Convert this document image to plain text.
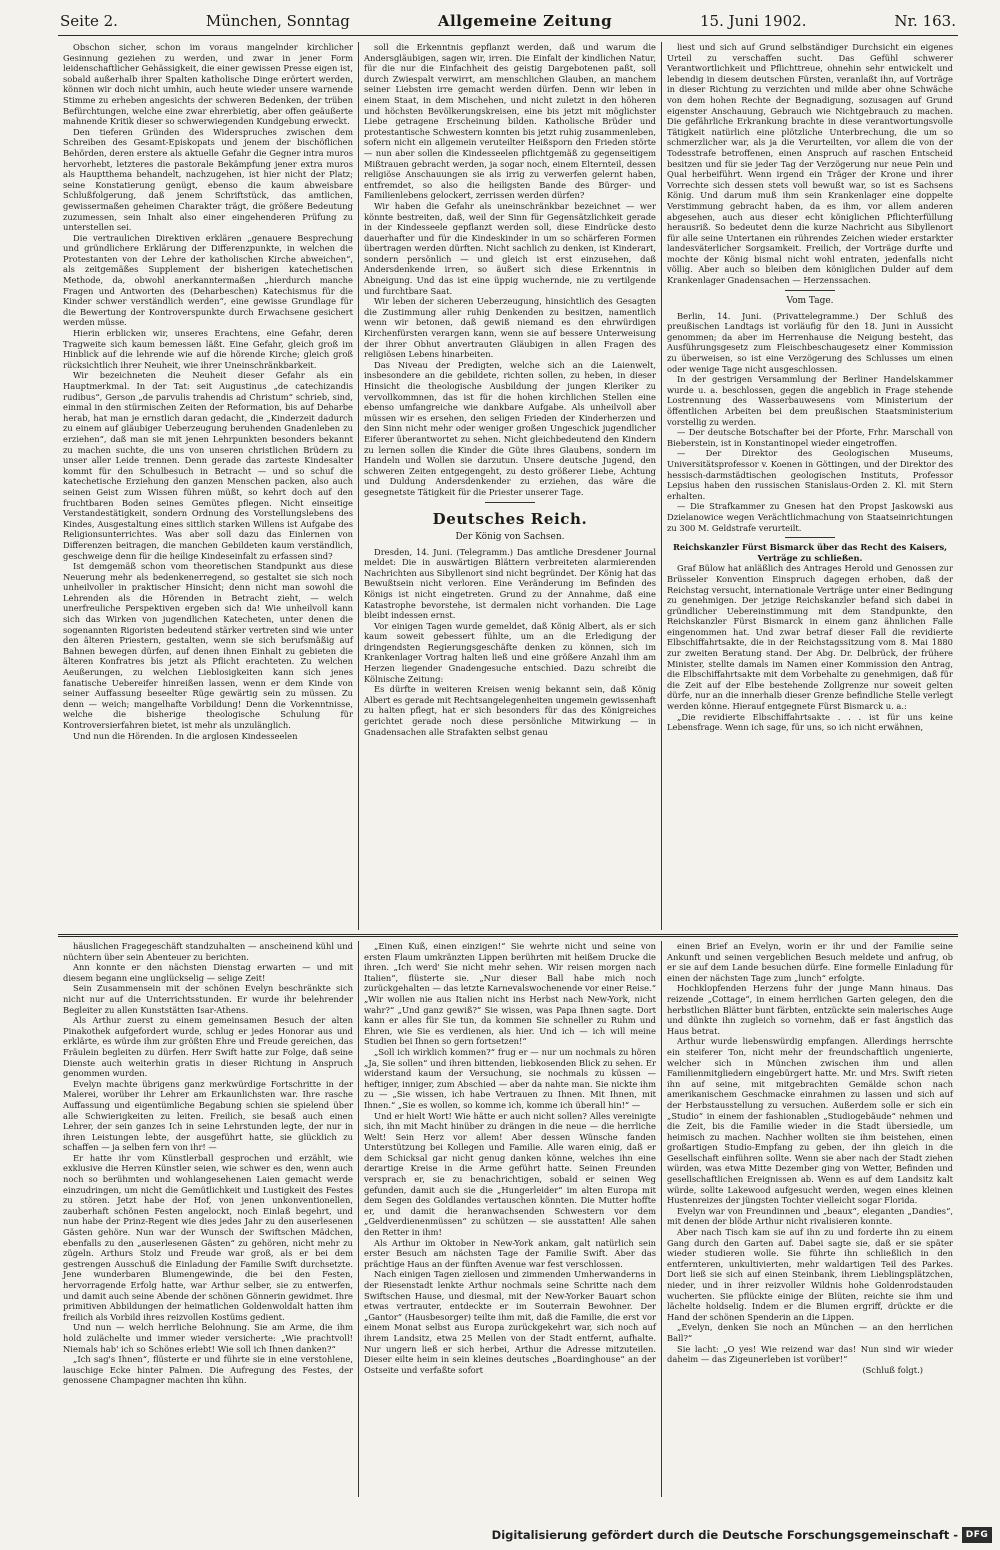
Seite 2.	München, Sonntag	Allgemeine Zeitung	15. Juni 1902.	Nr. 163.

Obschon sicher, schon im voraus mangelnder kirchlicher Gesinnung geziehen zu werden, und zwar in jener Form leidenschaftlicher Gehässigkeit, die einer gewissen Presse eigen ist, sobald außerhalb ihrer Spalten katholische Dinge erörtert werden, können wir doch nicht umhin, auch heute wieder unsere warnende Stimme zu erheben angesichts der schweren Bedenken, der trüben Befürchtungen, welche eine zwar ehrerbietig, aber offen geäußerte mahnende Kritik dieser so schwerwiegenden Kundgebung erweckt.

Den tieferen Gründen des Widerspruches zwischen dem Schreiben des Gesamt-Episkopats und jenem der bischöflichen Behörden, deren erstere als aktuelle Gefahr die Gegner intra muros hervorhebt, letzteres die pastorale Bekämpfung jener extra muros als Hauptthema behandelt, nachzugehen, ist hier nicht der Platz; seine Konstatierung genügt, ebenso die kaum abweisbare Schlußfolgerung, daß jenem Schriftstück, das amtlichen, gewissermaßen geheimen Charakter trägt, die größere Bedeutung zuzumessen, sein Inhalt also einer eingehenderen Prüfung zu unterstellen sei.

Die vertraulichen Direktiven erklären „genauere Besprechung und gründlichere Erklärung der Differenzpunkte, in welchen die Protestanten von der Lehre der katholischen Kirche abweichen“, als zeitgemäßes Supplement der bisherigen katechetischen Methode, da, obwohl anerkanntermaßen „hierdurch manche Fragen und Antworten des (Deharbeschen) Katechismus für die Kinder schwer verständlich werden“, eine gewisse Grundlage für die Bewertung der Kontroverspunkte durch Erwachsene gesichert werden müsse.

Hierin erblicken wir, unseres Erachtens, eine Gefahr, deren Tragweite sich kaum bemessen läßt. Eine Gefahr, gleich groß im Hinblick auf die lehrende wie auf die hörende Kirche; gleich groß rücksichtlich ihrer Neuheit, wie ihrer Uneinschränkbarkeit.

Wir bezeichneten die Neuheit dieser Gefahr als ein Hauptmerkmal. In der Tat: seit Augustinus „de catechizandis rudibus“, Gerson „de parvulis trahendis ad Christum“ schrieb, sind, einmal in den stürmischen Zeiten der Reformation, bis auf Deharbe herab, hat man je ernstlich daran gedacht, die „Kinderzeit dadurch zu einem auf gläubiger Ueberzeugung beruhenden Gnadenleben zu erziehen“, daß man sie mit jenen Lehrpunkten besonders bekannt zu machen suchte, die uns von unseren christlichen Brüdern zu unser aller Leide trennen. Denn gerade das zarteste Kindesalter kommt für den Schulbesuch in Betracht — und so schuf die katechetische Erziehung den ganzen Menschen packen, also auch seinen Geist zum Wissen führen müßt, so kehrt doch auf den fruchtbaren Boden seines Gemütes pflegen. Nicht einseitige Verstandestätigkeit, sondern Ordnung des Vorstellungslebens des Kindes, Ausgestaltung eines sittlich starken Willens ist Aufgabe des Religionsunterrichtes. Was aber soll dazu das Einlernen von Differenzen beitragen, die manchen Gebildeten kaum verständlich, geschweige denn für die heilige Kindeseinfalt zu erfassen sind?

Ist demgemäß schon vom theoretischen Standpunkt aus diese Neuerung mehr als bedenkenerregend, so gestaltet sie sich noch unheilvoller in praktischer Hinsicht; denn nicht man sowohl die Lehrenden als die Hörenden in Betracht zieht, — welch unerfreuliche Perspektiven ergeben sich da! Wie unheilvoll kann sich das Wirken von jugendlichen Katecheten, unter denen die sogenannten Rigoristen bedeutend stärker vertreten sind wie unter den älteren Priestern, gestalten, wenn sie sich berufsmäßig auf Bahnen bewegen dürfen, auf denen ihnen Einhalt zu gebieten die älteren Konfratres bis jetzt als Pflicht erachteten. Zu welchen Aeußerungen, zu welchen Lieblosigkeiten kann sich jenes fanatische Uebereifer hinreißen lassen, wenn er dem Kinde von seiner Auffassung beseelter Rüge gewärtig sein zu müssen. Zu denn — weich; mangelhafte Vorbildung! Denn die Vorkenntnisse, welche die bisherige theologische Schulung für Kontroversierfahren bietet, ist mehr als unzulänglich.

Und nun die Hörenden. In die arglosen Kindesseelen

soll die Erkenntnis gepflanzt werden, daß und warum die Andersgläubigen, sagen wir, irren. Die Einfalt der kindlichen Natur, für die nur die Einfachheit des geistig Dargebotenen paßt, soll durch Zwiespalt verwirrt, am menschlichen Glauben, an manchem seiner Liebsten irre gemacht werden dürfen. Denn wir leben in einem Staat, in dem Mischehen, und nicht zuletzt in den höheren und höchsten Bevölkerungskreisen, eine bis jetzt mit möglichster Liebe getragene Erscheinung bilden. Katholische Brüder und protestantische Schwestern konnten bis jetzt ruhig zusammenleben, sofern nicht ein allgemein veruteilter Heißsporn den Frieden störte — nun aber sollen die Kindesseelen pflichtgemäß zu gegenseitigem Mißtrauen gebracht werden, ja sogar noch, einem Elternteil, dessen religiöse Anschauungen sie als irrig zu verwerfen gelernt haben, entfremdet, so also die heiligsten Bande des Bürger- und Familienlebens gelockert, zerrissen werden dürfen?

Wir haben die Gefahr als uneinschränkbar bezeichnet — wer könnte bestreiten, daß, weil der Sinn für Gegensätzlichkeit gerade in der Kindesseele gepflanzt werden soll, diese Eindrücke desto dauerhafter und für die Kindeskinder in um so schärferen Formen übertragen werden dürften. Nicht sachlich zu denken, ist Kinderart, sondern persönlich — und gleich ist erst einzusehen, daß Andersdenkende irren, so äußert sich diese Erkenntnis in Abneigung. Und das ist eine üppig wuchernde, nie zu vertilgende und furchtbare Saat.

Wir leben der sicheren Ueberzeugung, hinsichtlich des Gesagten die Zustimmung aller ruhig Denkenden zu besitzen, namentlich wenn wir betonen, daß gewiß niemand es den ehrwürdigen Kirchenfürsten verargen kann, wenn sie auf bessere Unterweisung der ihrer Obhut anvertrauten Gläubigen in allen Fragen des religiösen Lebens hinarbeiten.

Das Niveau der Predigten, welche sich an die Laienwelt, insbesondere an die gebildete, richten sollen, zu heben, in dieser Hinsicht die theologische Ausbildung der jungen Kleriker zu vervollkommnen, das ist für die hohen kirchlichen Stellen eine ebenso umfangreiche wie dankbare Aufgabe. Als unheilvoll aber müssen wir es ersehen, den seligen Frieden der Kinderherzen und den Sinn nicht mehr oder weniger großen Ungeschick jugendlicher Eiferer überantwortet zu sehen. Nicht gleichbedeutend den Kindern zu lernen sollen die Kinder die Güte ihres Glaubens, sondern im Handeln und Wollen sie darzutun. Unsere deutsche Jugend, den schweren Zeiten entgegengeht, zu desto größerer Liebe, Achtung und Duldung Andersdenkender zu erziehen, das wäre die gesegnetste Tätigkeit für die Priester unserer Tage.

Deutsches Reich.
Der König von Sachsen.

Dresden, 14. Juni. (Telegramm.) Das amtliche Dresdener Journal meldet: Die in auswärtigen Blättern verbreiteten alarmierenden Nachrichten aus Sibyllenort sind nicht begründet. Der König hat das Bewußtsein nicht verloren. Eine Veränderung im Befinden des Königs ist nicht eingetreten. Grund zu der Annahme, daß eine Katastrophe bevorstehe, ist dermalen nicht vorhanden. Die Lage bleibt indessen ernst.

Vor einigen Tagen wurde gemeldet, daß König Albert, als er sich kaum soweit gebessert fühlte, um an die Erledigung der dringendsten Regierungsgeschäfte denken zu können, sich im Krankenlager Vortrag halten ließ und eine größere Anzahl ihm am Herzen liegender Gnadengesuche entschied. Dazu schreibt die Kölnische Zeitung:

Es dürfte in weiteren Kreisen wenig bekannt sein, daß König Albert es gerade mit Rechtsangelegenheiten ungemein gewissenhaft zu halten pflegt, hat er sich besonders für das des Königreiches gerichtet gerade noch diese persönliche Mitwirkung — in Gnadensachen alle Strafakten selbst genau

liest und sich auf Grund selbständiger Durchsicht ein eigenes Urteil zu verschaffen sucht. Das Gefühl schwerer Verantwortlichkeit und Pflichttreue, ohnehin sehr entwickelt und lebendig in diesem deutschen Fürsten, veranlaßt ihn, auf Vorträge in dieser Richtung zu verzichten und milde aber ohne Schwäche von dem hohen Rechte der Begnadigung, sozusagen auf Grund eigenster Anschauung, Gebrauch wie Nichtgebrauch zu machen. Die gefährliche Erkrankung brachte in diese verantwortungsvolle Tätigkeit natürlich eine plötzliche Unterbrechung, die um so schmerzlicher war, als ja die Verurteilten, vor allem die von der Todesstrafe betroffenen, einen Anspruch auf raschen Entscheid besitzen und für sie jeder Tag der Verzögerung nur neue Pein und Qual herbeiführt. Wenn irgend ein Träger der Krone und ihrer Vorrechte sich dessen stets voll bewußt war, so ist es Sachsens König. Und darum muß ihm sein Krankenlager eine doppelte Verstimmung gebracht haben, da es ihm, vor allem anderen abgesehen, auch aus dieser echt königlichen Pflichterfüllung herausriß. So bedeutet denn die kurze Nachricht aus Sibyllenort für alle seine Untertanen ein rührendes Zeichen wieder erstarkter landesväterlicher Sorgsamkeit. Freilich, der Vorträge durfte und mochte der König bismal nicht wohl entraten, jedenfalls nicht völlig. Aber auch so bleiben dem königlichen Dulder auf dem Krankenlager Gnadensachen — Herzenssachen.

Vom Tage.

Berlin, 14. Juni. (Privattelegramme.) Der Schluß des preußischen Landtags ist vorläufig für den 18. Juni in Aussicht genommen; da aber im Herrenhause die Neigung besteht, das Ausführungsgesetz zum Fleischbeschaugesetz einer Kommission zu überweisen, so ist eine Verzögerung des Schlusses um einen oder wenige Tage nicht ausgeschlossen.

In der gestrigen Versammlung der Berliner Handelskammer wurde u. a. beschlossen, gegen die angeblich in Frage stehende Lostrennung des Wasserbauwesens vom Ministerium der öffentlichen Arbeiten bei dem preußischen Staatsministerium vorstellig zu werden.

— Der deutsche Botschafter bei der Pforte, Frhr. Marschall von Bieberstein, ist in Konstantinopel wieder eingetroffen.

— Der Direktor des Geologischen Museums, Universitätsprofessor v. Koenen in Göttingen, und der Direktor des hessisch-darmstädtischen geologischen Instituts, Professor Lepsius haben den russischen Stanislaus-Orden 2. Kl. mit Stern erhalten.

— Die Strafkammer zu Gnesen hat den Propst Jaskowski aus Dzielanowice wegen Verächtlichmachung von Staatseinrichtungen zu 300 M. Geldstrafe verurteilt.

Reichskanzler Fürst Bismarck über das Recht des Kaisers, Verträge zu schließen.

Graf Bülow hat anläßlich des Antrages Herold und Genossen zur Brüsseler Konvention Einspruch dagegen erhoben, daß der Reichstag versucht, internationale Verträge unter einer Bedingung zu genehmigen. Der jetzige Reichskanzler befand sich dabei in gründlicher Uebereinstimmung mit dem Standpunkte, den Reichskanzler Fürst Bismarck in einem ganz ähnlichen Falle eingenommen hat. Und zwar betraf dieser Fall die revidierte Elbschiffahrtsakte, die in der Reichstagssitzung vom 8. Mai 1880 zur zweiten Beratung stand. Der Abg. Dr. Delbrück, der frühere Minister, stellte damals im Namen einer Kommission den Antrag, die Elbschiffahrtsakte mit dem Vorbehalte zu genehmigen, daß für die Zeit auf der Elbe bestehende Zollgrenze nur soweit gelten dürfe, nur an die innerhalb dieser Grenze befindliche Stelle verlegt werden könne. Hierauf entgegnete Fürst Bismarck u. a.:

„Die revidierte Elbschiffahrtsakte . . . ist für uns keine Lebensfrage. Wenn ich sage, für uns, so ich nicht erwähnen,

häuslichen Fragegeschäft standzuhalten — anscheinend kühl und nüchtern über sein Abenteuer zu berichten.

Ann konnte er den nächsten Dienstag erwarten — und mit diesem begann eine unglückselig — selige Zeit!

Sein Zusammensein mit der schönen Evelyn beschränkte sich nicht nur auf die Unterrichtsstunden. Er wurde ihr belehrender Begleiter zu allen Kunststätten Isar-Athens.

Als Arthur zuerst zu einem gemeinsamen Besuch der alten Pinakothek aufgefordert wurde, schlug er jedes Honorar aus und erklärte, es würde ihm zur größten Ehre und Freude gereichen, das Fräulein begleiten zu dürfen. Herr Swift hatte zur Folge, daß seine Dienste auch weiterhin gratis in dieser Richtung in Anspruch genommen wurden.

Evelyn machte übrigens ganz merkwürdige Fortschritte in der Malerei, worüber ihr Lehrer am Erkaunlichsten war. Ihre rasche Auffassung und eigentümliche Begabung schien sie spielend über alle Schwierigkeiten zu leiten. Freilich, sie besaß auch einen Lehrer, der sein ganzes Ich in seine Lehrstunden legte, der nur in ihren Leistungen lebte, der ausgeführt hatte, sie glücklich zu schaffen — ja selben fern von ihr! —

Er hatte ihr vom Künstlerball gesprochen und erzählt, wie exklusive die Herren Künstler seien, wie schwer es den, wenn auch noch so berühmten und wohlangesehenen Laien gemacht werde einzudringen, um nicht die Gemütlichkeit und Lustigkeit des Festes zu stören. Jetzt habe der Hof, von jenen unkonventionellen, zauberhaft schönen Festen angelockt, noch Einlaß begehrt, und nun habe der Prinz-Regent wie dies jedes Jahr zu den auserlesenen Gästen gehöre. Nun war der Wunsch der Swiftschen Mädchen, ebenfalls zu den „auserlesenen Gästen“ zu gehören, nicht mehr zu zügeln. Arthurs Stolz und Freude war groß, als er bei dem gestrengen Ausschuß die Einladung der Familie Swift durchsetzte. Jene wunderbaren Blumengewinde, die bei den Festen, hervorragende Erfolg hatte, war Arthur selber, sie zu entwerfen, und damit auch seine Abende der schönen Gönnerin gewidmet. Ihre primitiven Abbildungen der heimatlichen Goldenwoldalt hatten ihm freilich als Vorbild ihres reizvollen Kostüms gedient.

Und nun — welch herrliche Belohnung. Sie am Arme, die ihm hold zulächelte und immer wieder versicherte: „Wie prachtvoll! Niemals hab' ich so Schönes erlebt! Wie soll ich Ihnen danken?“

„Ich sag's Ihnen“, flüsterte er und führte sie in eine verstohlene, lauschige Ecke hinter Palmen. Die Aufregung des Festes, der genossene Champagner machten ihn kühn.

„Einen Kuß, einen einzigen!“ Sie wehrte nicht und seine von ersten Flaum umkränzten Lippen berührten mit heißem Drucke die ihren. „Ich werd' Sie nicht mehr sehen. Wir reisen morgen nach Italien“, flüsterte sie. „Nur dieser Ball habe mich noch zurückgehalten — das letzte Karnevalswochenende vor einer Reise.“ „Wir wollen nie aus Italien nicht ins Herbst nach New-York, nicht wahr?“ „Und ganz gewiß?“ Sie wissen, was Papa Ihnen sagte. Dort kann er alles für Sie tun, da kommen Sie schneller zu Ruhm und Ehren, wie Sie es verdienen, als hier. Und ich — ich will meine Studien bei Ihnen so gern fortsetzen!“

„Soll ich wirklich kommen?“ frug er — nur um nochmals zu hören „Ja, Sie sollen“ und ihren bittenden, liebkosenden Blick zu sehen. Er widerstand kaum der Versuchung, sie nochmals zu küssen — heftiger, inniger, zum Abschied — aber da nahte man. Sie nickte ihm zu — „Sie wissen, ich habe Vertrauen zu Ihnen. Mit Ihnen, mit Ihnen.“ „Sie es wollen, so komme ich, komme ich überall hin!“ —

Und er hielt Wort! Wie hätte er auch nicht sollen? Alles vereinigte sich, ihn mit Macht hinüber zu drängen in die neue — die herrliche Welt! Sein Herz vor allem! Aber dessen Wünsche fanden Unterstützung bei Kollegen und Familie. Alle waren einig, daß er dem Schicksal gar nicht genug danken könne, welches ihn eine derartige Kreise in die Arme geführt hatte. Seinen Freunden versprach er, sie zu benachrichtigen, sobald er seinen Weg gefunden, damit auch sie die „Hungerleider“ im alten Europa mit dem Segen des Goldlandes vertauschen könnten. Die Mutter hoffte er, und damit die heranwachsenden Schwestern vor dem „Geldverdienenmüssen“ zu schützen — sie ausstatten! Alle sahen den Retter in ihm!

Als Arthur im Oktober in New-York ankam, galt natürlich sein erster Besuch am nächsten Tage der Familie Swift. Aber das prächtige Haus an der fünften Avenue war fest verschlossen.

Nach einigen Tagen ziellosen und zimmenden Umherwanderns in der Riesenstadt lenkte Arthur nochmals seine Schritte nach dem Swiftschen Hause, und diesmal, mit der New-Yorker Bauart schon etwas vertrauter, entdeckte er im Souterrain Bewohner. Der „Gantor“ (Hausbesorger) teilte ihm mit, daß die Familie, die erst vor einem Monat selbst aus Europa zurückgekehrt war, sich noch auf ihrem Landsitz, etwa 25 Meilen von der Stadt entfernt, aufhalte. Nur ungern ließ er sich herbei, Arthur die Adresse mitzuteilen. Dieser eilte heim in sein kleines deutsches „Boardinghouse“ an der Ostseite und verfaßte sofort

einen Brief an Evelyn, worin er ihr und der Familie seine Ankunft und seinen vergeblichen Besuch meldete und anfrug, ob er sie auf dem Lande besuchen dürfe. Eine formelle Einladung für einen der nächsten Tage zum „lunch“ erfolgte.

Hochklopfenden Herzens fuhr der junge Mann hinaus. Das reizende „Cottage“, in einem herrlichen Garten gelegen, den die herbstlichen Blätter bunt färbten, entzückte sein malerisches Auge und dünkte ihn zugleich so vornehm, daß er fast ängstlich das Haus betrat.

Arthur wurde liebenswürdig empfangen. Allerdings herrschte ein steiferer Ton, nicht mehr der freundschaftlich ungenierte, welcher sich in München zwischen ihm und allen Familienmitgliedern eingebürgert hatte. Mr. und Mrs. Swift rieten ihn auf seine, mit mitgebrachten Gemälde schon nach amerikanischem Geschmacke einrahmen zu lassen und sich auf der Herbstausstellung zu versuchen. Außerdem solle er sich ein „Studio“ in einem der fashionablen „Studiogebäude“ nehmen und die Zeit, bis die Familie wieder in die Stadt übersiedle, um heimisch zu machen. Nachher wollten sie ihm beistehen, einen großartigen Studio-Empfang zu geben, der ihn gleich in die Gesellschaft einführen sollte. Wenn sie aber nach der Stadt ziehen würden, was etwa Mitte Dezember ging von Wetter, Befinden und gesellschaftlichen Ereignissen ab. Wenn es auf dem Landsitz kalt würde, sollte Lakewood aufgesucht werden, wegen eines kleinen Hustenreizes der jüngsten Tochter vielleicht sogar Florida.

Evelyn war von Freundinnen und „beaux“, eleganten „Dandies“, mit denen der blöde Arthur nicht rivalisieren konnte.

Aber nach Tisch kam sie auf ihn zu und forderte ihn zu einem Gang durch den Garten auf. Dabei sagte sie, daß er sie später wieder studieren wolle. Sie führte ihn schließlich in den entfernteren, unkultivierten, mehr waldartigen Teil des Parkes. Dort ließ sie sich auf einen Steinbank, ihrem Lieblingsplätzchen, nieder, und in ihrer reizvoller Wildnis hohe Goldenrodstauden wucherten. Sie pflückte einige der Blüten, reichte sie ihm und lächelte holdselig. Indem er die Blumen ergriff, drückte er die Hand der schönen Spenderin an die Lippen.

„Evelyn, denken Sie noch an München — an den herrlichen Ball?“

Sie lacht: „O yes! Wie reizend war das! Nun sind wir wieder daheim — das Zigeunerleben ist vorüber!“

(Schluß folgt.)

Digitalisierung gefördert durch die Deutsche Forschungsgemeinschaft - DFG
